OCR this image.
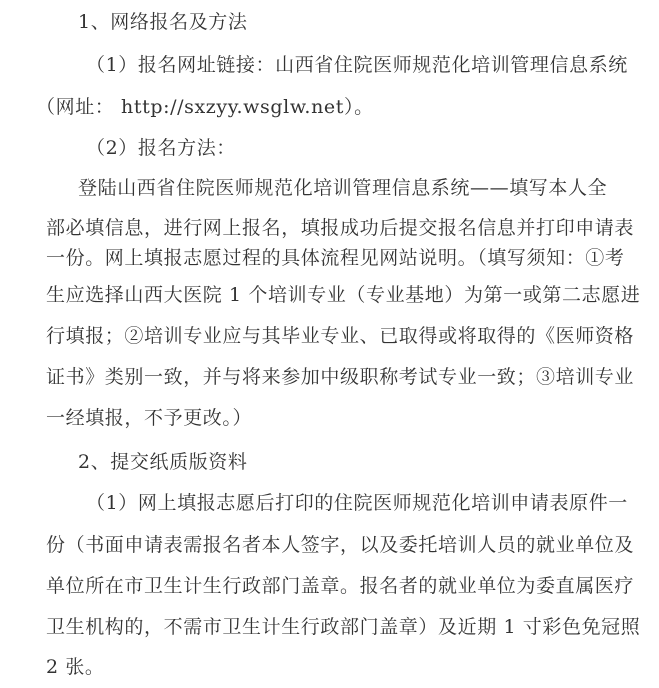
1、网络报名及方法
（1）报名网址链接：山西省住院医师规范化培训管理信息系统
（网址： http://sxzyy.wsglw.net）。
（2）报名方法：
登陆山西省住院医师规范化培训管理信息系统——填写本人全
部必填信息，进行网上报名，填报成功后提交报名信息并打印申请表
一份。网上填报志愿过程的具体流程见网站说明。（填写须知：①考
生应选择山西大医院 1 个培训专业（专业基地）为第一或第二志愿进
行填报；②培训专业应与其毕业专业、已取得或将取得的《医师资格
证书》类别一致，并与将来参加中级职称考试专业一致；③培训专业
一经填报，不予更改。）
2、提交纸质版资料
（1）网上填报志愿后打印的住院医师规范化培训申请表原件一
份（书面申请表需报名者本人签字，以及委托培训人员的就业单位及
单位所在市卫生计生行政部门盖章。报名者的就业单位为委直属医疗
卫生机构的，不需市卫生计生行政部门盖章）及近期 1 寸彩色免冠照
2 张。
